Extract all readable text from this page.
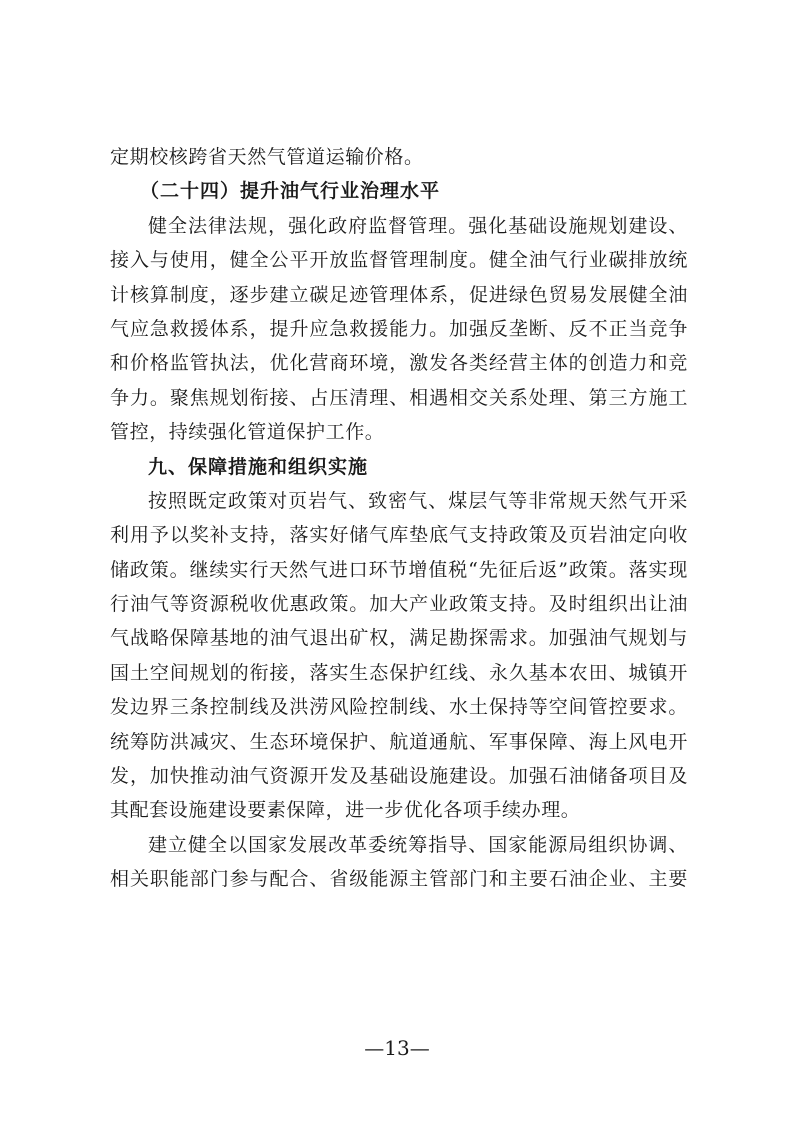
定期校核跨省天然气管道运输价格。
（二十四）提升油气行业治理水平
健全法律法规，强化政府监督管理。强化基础设施规划建设、
接入与使用，健全公平开放监督管理制度。健全油气行业碳排放统
计核算制度，逐步建立碳足迹管理体系，促进绿色贸易发展健全油
气应急救援体系，提升应急救援能力。加强反垄断、反不正当竞争
和价格监管执法，优化营商环境，激发各类经营主体的创造力和竞
争力。聚焦规划衔接、占压清理、相遇相交关系处理、第三方施工
管控，持续强化管道保护工作。
九、保障措施和组织实施
按照既定政策对页岩气、致密气、煤层气等非常规天然气开采
利用予以奖补支持，落实好储气库垫底气支持政策及页岩油定向收
储政策。继续实行天然气进口环节增值税“先征后返”政策。落实现
行油气等资源税收优惠政策。加大产业政策支持。及时组织出让油
气战略保障基地的油气退出矿权，满足勘探需求。加强油气规划与
国土空间规划的衔接，落实生态保护红线、永久基本农田、城镇开
发边界三条控制线及洪涝风险控制线、水土保持等空间管控要求。
统筹防洪减灾、生态环境保护、航道通航、军事保障、海上风电开
发，加快推动油气资源开发及基础设施建设。加强石油储备项目及
其配套设施建设要素保障，进一步优化各项手续办理。
建立健全以国家发展改革委统筹指导、国家能源局组织协调、
相关职能部门参与配合、省级能源主管部门和主要石油企业、主要
—13—
